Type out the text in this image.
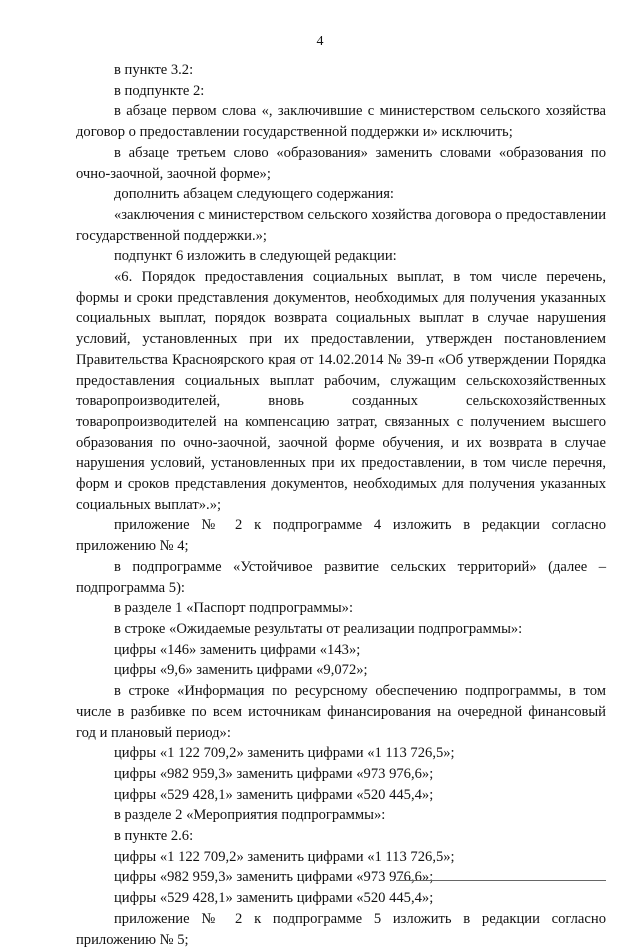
4

в пункте 3.2:

в подпункте 2:

в абзаце первом слова «, заключившие с министерством сельского хозяйства договор о предоставлении государственной поддержки и» исключить;

в абзаце третьем слово «образования» заменить словами «образования по очно-заочной, заочной форме»;

дополнить абзацем следующего содержания:

«заключения с министерством сельского хозяйства договора о предоставлении государственной поддержки.»;

подпункт 6 изложить в следующей редакции:

«6. Порядок предоставления социальных выплат, в том числе перечень, формы и сроки представления документов, необходимых для получения указанных социальных выплат, порядок возврата социальных выплат в случае нарушения условий, установленных при их предоставлении, утвержден постановлением Правительства Красноярского края от 14.02.2014 № 39-п «Об утверждении Порядка предоставления социальных выплат рабочим, служащим сельскохозяйственных товаропроизводителей, вновь созданных сельскохозяйственных товаропроизводителей на компенсацию затрат, связанных с получением высшего образования по очно-заочной, заочной форме обучения, и их возврата в случае нарушения условий, установленных при их предоставлении, в том числе перечня, форм и сроков представления документов, необходимых для получения указанных социальных выплат».»;

приложение № 2 к подпрограмме 4 изложить в редакции согласно приложению № 4;

в подпрограмме «Устойчивое развитие сельских территорий» (далее – подпрограмма 5):

в разделе 1 «Паспорт подпрограммы»:

в строке «Ожидаемые результаты от реализации подпрограммы»:

цифры «146» заменить цифрами «143»;

цифры «9,6» заменить цифрами «9,072»;

в строке «Информация по ресурсному обеспечению подпрограммы, в том числе в разбивке по всем источникам финансирования на очередной финансовый год и плановый период»:

цифры «1 122 709,2» заменить цифрами «1 113 726,5»;

цифры «982 959,3» заменить цифрами «973 976,6»;

цифры «529 428,1» заменить цифрами «520 445,4»;

в разделе 2 «Мероприятия подпрограммы»:

в пункте 2.6:

цифры «1 122 709,2» заменить цифрами «1 113 726,5»;

цифры «982 959,3» заменить цифрами «973 976,6»;

цифры «529 428,1» заменить цифрами «520 445,4»;

приложение № 2 к подпрограмме 5 изложить в редакции согласно приложению № 5;
